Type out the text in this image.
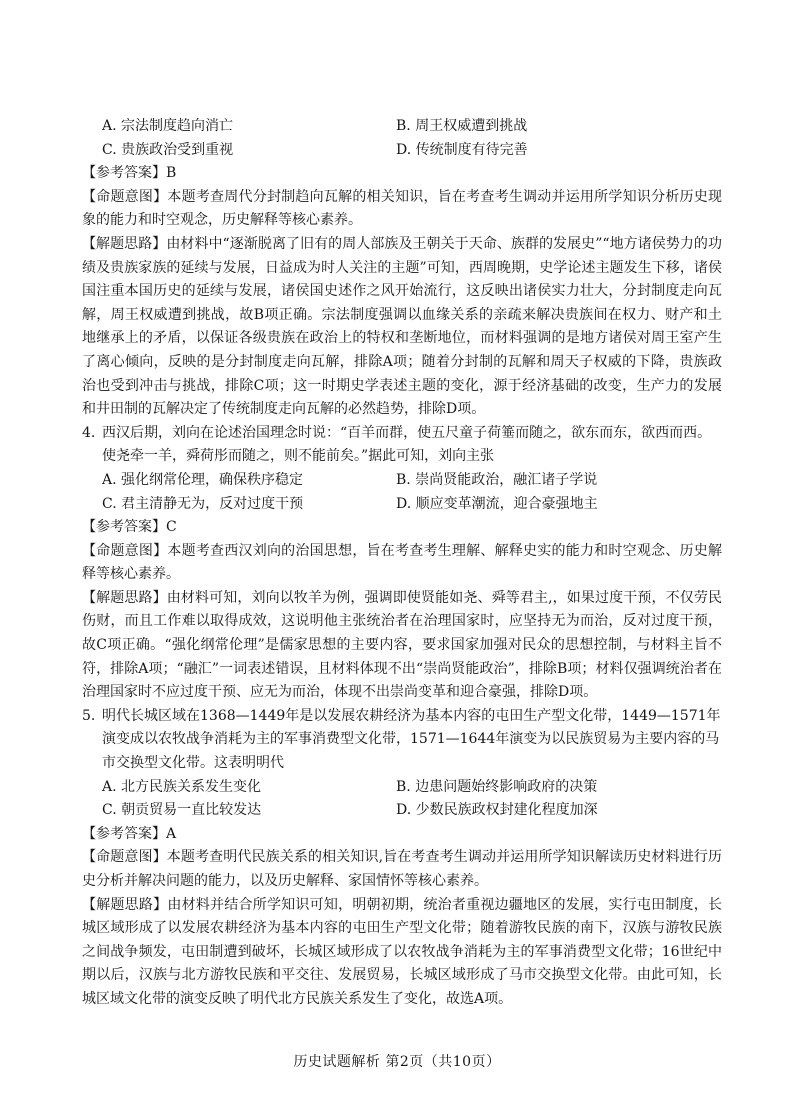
A. 宗法制度趋向消亡	B. 周王权威遭到挑战
C. 贵族政治受到重视	D. 传统制度有待完善
【参考答案】B
【命题意图】本题考查周代分封制趋向瓦解的相关知识，旨在考查考生调动并运用所学知识分析历史现象的能力和时空观念，历史解释等核心素养。
【解题思路】由材料中“逐渐脱离了旧有的周人部族及王朝关于天命、族群的发展史”“地方诸侯势力的功绩及贵族家族的延续与发展，日益成为时人关注的主题”可知，西周晚期，史学论述主题发生下移，诸侯国注重本国历史的延续与发展，诸侯国史述作之风开始流行，这反映出诸侯实力壮大，分封制度走向瓦解，周王权威遭到挑战，故B项正确。宗法制度强调以血缘关系的亲疏来解决贵族间在权力、财产和土地继承上的矛盾，以保证各级贵族在政治上的特权和垄断地位，而材料强调的是地方诸侯对周王室产生了离心倾向，反映的是分封制度走向瓦解，排除A项；随着分封制的瓦解和周天子权威的下降，贵族政治也受到冲击与挑战，排除C项；这一时期史学表述主题的变化，源于经济基础的改变，生产力的发展和井田制的瓦解决定了传统制度走向瓦解的必然趋势，排除D项。
4. 西汉后期，刘向在论述治国理念时说：“百羊而群，使五尺童子荷箠而随之，欲东而东，欲西而西。使尧牵一羊，舜荷彤而随之，则不能前矣。”据此可知，刘向主张
A. 强化纲常伦理，确保秩序稳定	B. 崇尚贤能政治，融汇诸子学说
C. 君主清静无为，反对过度干预	D. 顺应变革潮流，迎合豪强地主
【参考答案】C
【命题意图】本题考查西汉刘向的治国思想，旨在考查考生理解、解释史实的能力和时空观念、历史解释等核心素养。
【解题思路】由材料可知，刘向以牧羊为例，强调即使贤能如尧、舜等君主,，如果过度干预，不仅劳民伤财，而且工作难以取得成效，这说明他主张统治者在治理国家时，应坚持无为而治，反对过度干预，故C项正确。“强化纲常伦理”是儒家思想的主要内容，要求国家加强对民众的思想控制，与材料主旨不符，排除A项；“融汇”一词表述错误，且材料体现不出“崇尚贤能政治”，排除B项；材料仅强调统治者在治理国家时不应过度干预、应无为而治，体现不出崇尚变革和迎合豪强，排除D项。
5. 明代长城区域在1368—1449年是以发展农耕经济为基本内容的屯田生产型文化带，1449—1571年演变成以农牧战争消耗为主的军事消费型文化带，1571—1644年演变为以民族贸易为主要内容的马市交换型文化带。这表明明代
A. 北方民族关系发生变化	B. 边患问题始终影响政府的决策
C. 朝贡贸易一直比较发达	D. 少数民族政权封建化程度加深
【参考答案】A
【命题意图】本题考查明代民族关系的相关知识,旨在考查考生调动并运用所学知识解读历史材料进行历史分析并解决问题的能力，以及历史解释、家国情怀等核心素养。
【解题思路】由材料并结合所学知识可知，明朝初期，统治者重视边疆地区的发展，实行屯田制度，长城区域形成了以发展农耕经济为基本内容的屯田生产型文化带；随着游牧民族的南下，汉族与游牧民族之间战争频发，屯田制遭到破坏，长城区域形成了以农牧战争消耗为主的军事消费型文化带；16世纪中期以后，汉族与北方游牧民族和平交往、发展贸易，长城区域形成了马市交换型文化带。由此可知，长城区域文化带的演变反映了明代北方民族关系发生了变化，故选A项。
历史试题解析 第2页（共10页）
